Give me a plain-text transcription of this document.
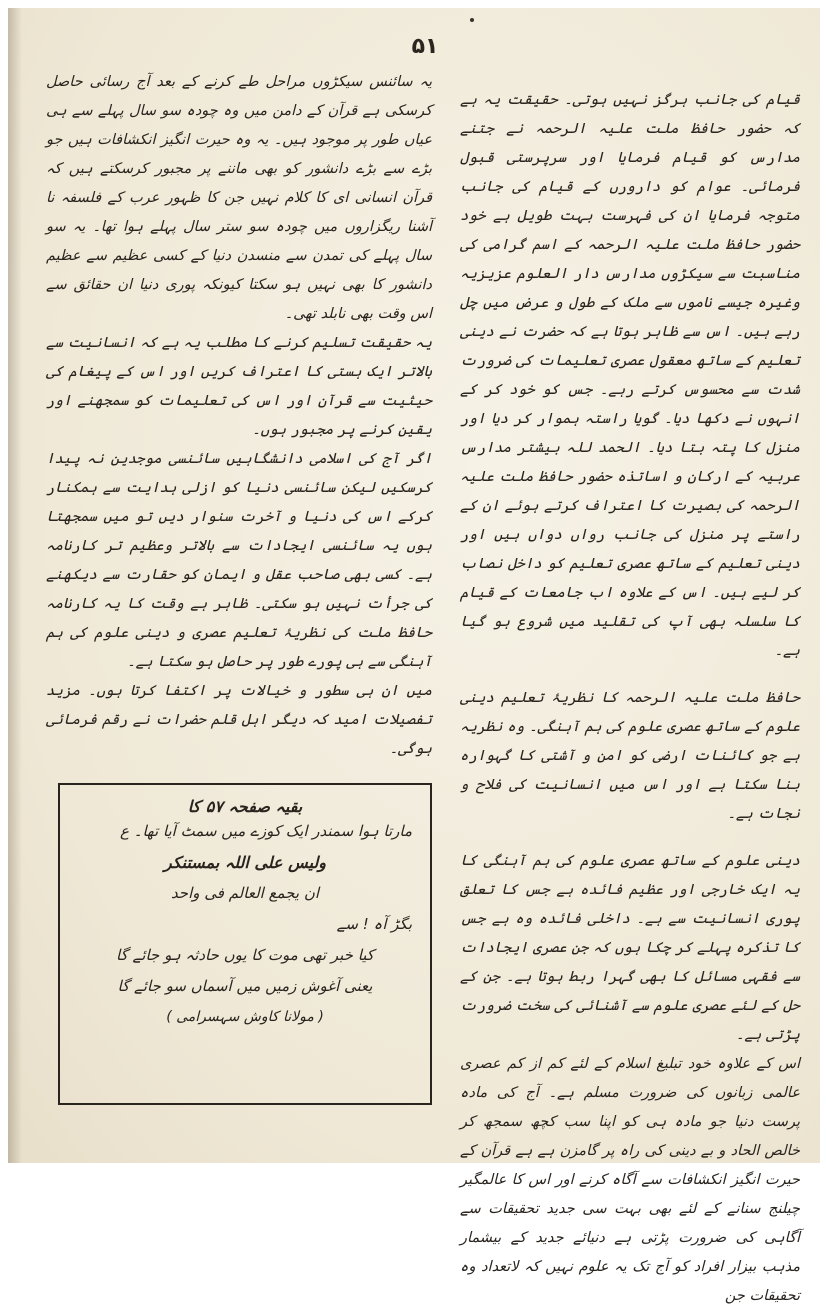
۵۱

قیام کی جانب ہرگز نہیں ہوتی۔ حقیقت یہ ہے کہ حضور حافظ ملت علیہ الرحمہ نے جتنے مدارس کو قیام فرمایا اور سرپرستی قبول فرمائی۔ عوام کو دارورں کے قیام کی جانب متوجہ فرمایا ان کی فہرست بہت طویل ہے خود حضور حافظ ملت علیہ الرحمہ کے اسم گرامی کی مناسبت سے سیکڑوں مدارس دار العلوم عزیزیہ وغیرہ جیسے ناموں سے ملک کے طول و عرض میں چل رہے ہیں۔ اس سے ظاہر ہوتا ہے کہ حضرت نے دینی تعلیم کے ساتھ معقول عصری تعلیمات کی ضرورت شدت سے محسوس کرتے رہے۔ جس کو خود کر کے انہوں نے دکھا دیا۔ گویا راستہ ہموار کر دیا اور منزل کا پتہ بتا دیا۔ الحمد للہ بیشتر مدارس عربیہ کے ارکان و اساتذہ حضور حافظ ملت علیہ الرحمہ کی بصیرت کا اعتراف کرتے ہوئے ان کے راستے پر منزل کی جانب رواں دواں ہیں اور دینی تعلیم کے ساتھ عصری تعلیم کو داخل نصاب کر لیے ہیں۔ اس کے علاوہ اب جامعات کے قیام کا سلسلہ بھی آپ کی تقلید میں شروع ہو گیا ہے۔

حافظ ملت علیہ الرحمہ کا نظریۂ تعلیم دینی علوم کے ساتھ عصری علوم کی ہم آہنگی۔ وہ نظریہ ہے جو کائنات ارضی کو امن و آشتی کا گہوارہ بنا سکتا ہے اور اس میں انسانیت کی فلاح و نجات ہے۔

دینی علوم کے ساتھ عصری علوم کی ہم آہنگی کا یہ ایک خارجی اور عظیم فائدہ ہے جس کا تعلق پوری انسانیت سے ہے۔ داخلی فائدہ وہ ہے جس کا تذکرہ پہلے کر چکا ہوں کہ جن عصری ایجادات سے فقہی مسائل کا بھی گہرا ربط ہوتا ہے۔ جن کے حل کے لئے عصری علوم سے آشنائی کی سخت ضرورت پڑتی ہے۔

اس کے علاوہ خود تبلیغ اسلام کے لئے کم از کم عصری عالمی زبانوں کی ضرورت مسلم ہے۔ آج کی مادہ پرست دنیا جو مادہ ہی کو اپنا سب کچھ سمجھ کر خالص الحاد و بے دینی کی راہ پر گامزن ہے ہے قرآن کے حیرت انگیز انکشافات سے آگاہ کرنے اور اس کا عالمگیر چیلنج سنانے کے لئے بھی بہت سی جدید تحقیقات سے آگاہی کی ضرورت پڑتی ہے دنیائے جدید کے بیشمار مذہب بیزار افراد کو آج تک یہ علوم نہیں کہ لاتعداد وہ تحقیقات جن

یہ سائنس سیکڑوں مراحل طے کرنے کے بعد آج رسائی حاصل کرسکی ہے قرآن کے دامن میں وہ چودہ سو سال پہلے سے ہی عیاں طور پر موجود ہیں۔ یہ وہ حیرت انگیز انکشافات ہیں جو بڑے سے بڑے دانشور کو بھی ماننے پر مجبور کرسکتے ہیں کہ قرآن انسانی ای کا کلام نہیں جن کا ظہور عرب کے فلسفہ نا آشنا ریگزاروں میں چودہ سو ستر سال پہلے ہوا تھا۔ یہ سو سال پہلے کی تمدن سے منسدن دنیا کے کسی عظیم سے عظیم دانشور کا بھی نہیں ہو سکتا کیونکہ پوری دنیا ان حقائق سے اس وقت بھی نابلد تھی۔

یہ حقیقت تسلیم کرنے کا مطلب یہ ہے کہ انسانیت سے بالاتر ایک ہستی کا اعتراف کریں اور اس کے پیغام کی حیثیت سے قرآن اور اس کی تعلیمات کو سمجھنے اور یقین کرنے پر مجبور ہوں۔

اگر آج کی اسلامی دانشگاہیں سائنسی موجدین نہ پیدا کرسکیں لیکن سائنسی دنیا کو ازلی ہدایت سے ہمکنار کرکے اس کی دنیا و آخرت سنوار دیں تو میں سمجھتا ہوں یہ سائنسی ایجادات سے بالاتر وعظیم تر کارنامہ ہے۔ کسی بھی صاحب عقل و ایمان کو حقارت سے دیکھنے کی جرأت نہیں ہو سکتی۔ ظاہر ہے وقت کا یہ کارنامہ حافظ ملت کی نظریۂ تعلیم عصری و دینی علوم کی ہم آہنگی سے ہی پورے طور پر حاصل ہو سکتا ہے۔

میں ان ہی سطور و خیالات پر اکتفا کرتا ہوں۔ مزید تفصیلات امید کہ دیگر اہل قلم حضرات نے رقم فرمائی ہوگی۔

بقیہ صفحہ ۵۷ کا
مارتا ہوا سمندر ایک کوزے میں سمٹ آیا تھا۔ ع
ولیس علی اللہ بمستنکر
ان یجمع العالم فی واحد
بگڑ آہ ! سے
کیا خبر تھی موت کا یوں حادثہ ہو جائے گا
یعنی آغوش زمیں میں آسماں سو جائے گا
( مولانا کاوش سہسرامی )
